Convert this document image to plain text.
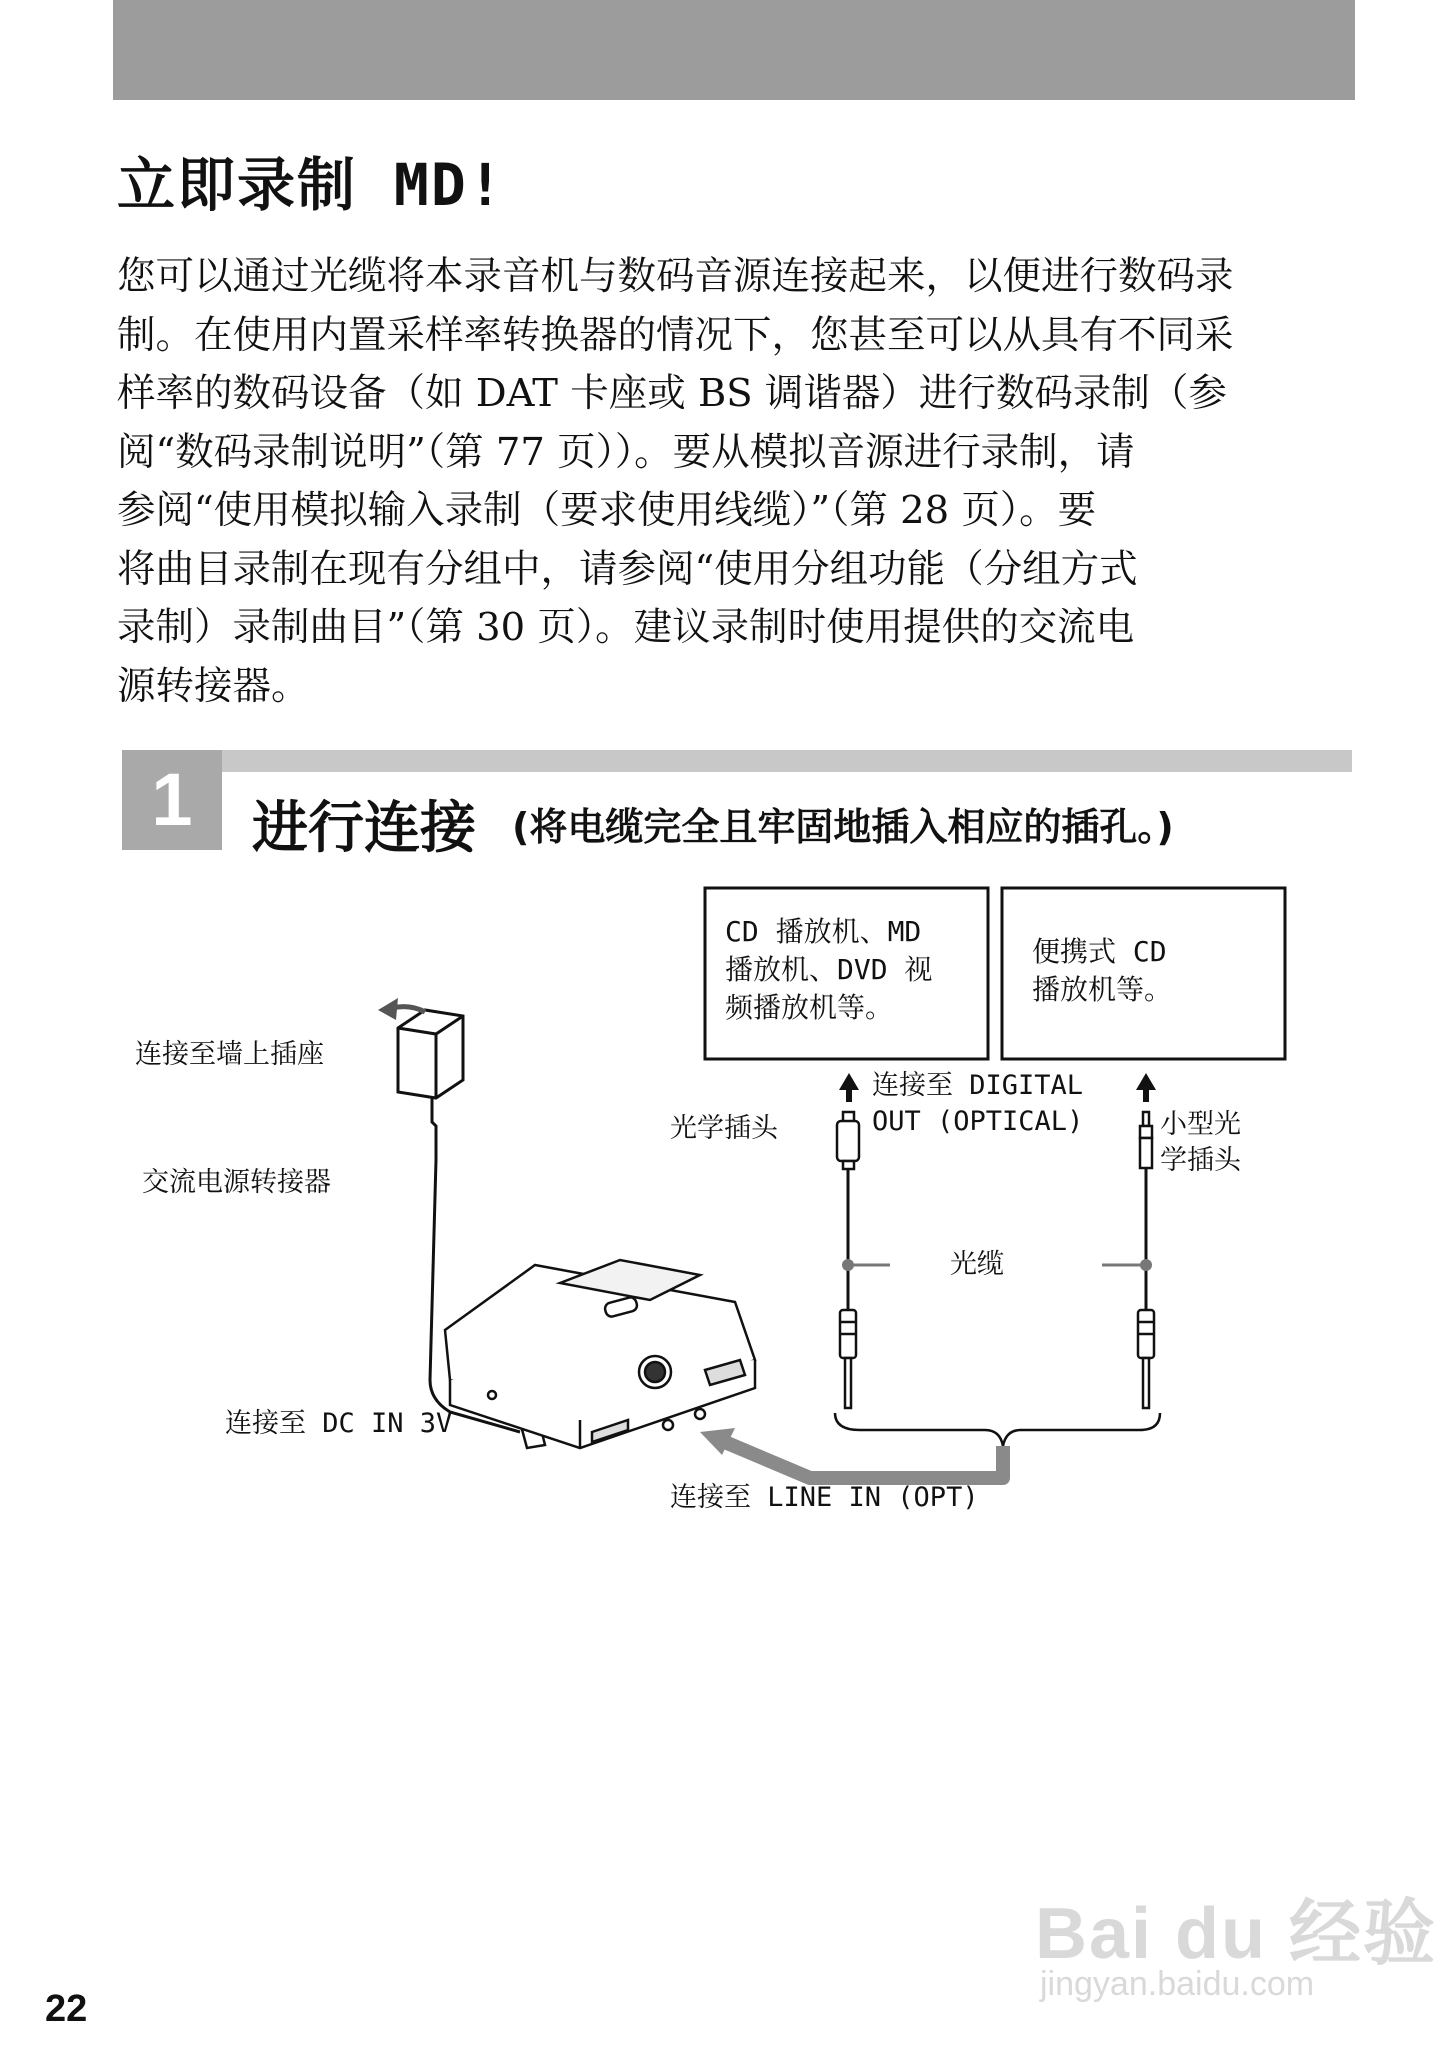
立即录制 MD!
您可以通过光缆将本录音机与数码音源连接起来，以便进行数码录
制。在使用内置采样率转换器的情况下，您甚至可以从具有不同采
样率的数码设备（如 DAT 卡座或 BS 调谐器）进行数码录制（参
阅“数码录制说明”（第 77 页））。要从模拟音源进行录制，请
参阅“使用模拟输入录制（要求使用线缆）”（第 28 页）。要
将曲目录制在现有分组中，请参阅“使用分组功能（分组方式
录制）录制曲目”（第 30 页）。建议录制时使用提供的交流电
源转接器。
1	进行连接 (将电缆完全且牢固地插入相应的插孔。)
CD 播放机、MD
播放机、DVD 视
频播放机等。
便携式 CD
播放机等。
连接至 DIGITAL
OUT (OPTICAL)
光学插头	小型光
学插头
光缆
连接至墙上插座
交流电源转接器
连接至 DC IN 3V
连接至 LINE IN (OPT)
22
Bai du 经验
jingyan.baidu.com
